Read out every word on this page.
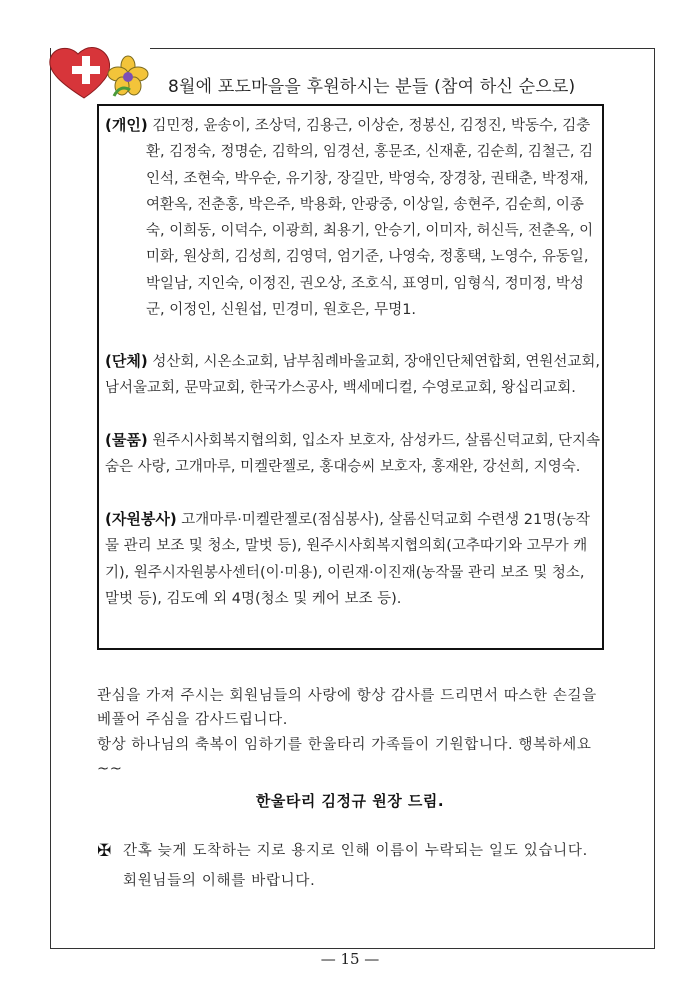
8월에 포도마을을 후원하시는 분들 (참여 하신 순으로)
(개인) 김민정, 윤송이, 조상덕, 김용근, 이상순, 정봉신, 김정진, 박동수, 김충환, 김정숙, 정명순, 김학의, 임경선, 홍문조, 신재훈, 김순희, 김철근, 김인석, 조현숙, 박우순, 유기창, 장길만, 박영숙, 장경창, 권태춘, 박정재, 여환옥, 전춘홍, 박은주, 박용화, 안광중, 이상일, 송현주, 김순희, 이종숙, 이희동, 이덕수, 이광희, 최용기, 안승기, 이미자, 허신득, 전춘옥, 이미화, 원상희, 김성희, 김영덕, 엄기준, 나영숙, 정홍택, 노영수, 유동일, 박일남, 지인숙, 이정진, 권오상, 조호식, 표영미, 임형식, 정미정, 박성군, 이정인, 신원섭, 민경미, 원호은, 무명1.
(단체) 성산회, 시온소교회, 남부침례바울교회, 장애인단체연합회, 연원선교회, 남서울교회, 문막교회, 한국가스공사, 백세메디컬, 수영로교회, 왕십리교회.
(물품) 원주시사회복지협의회, 입소자 보호자, 삼성카드, 살롬신덕교회, 단지속 숨은 사랑, 고개마루, 미켈란젤로, 홍대승씨 보호자, 홍재완, 강선희, 지영숙.
(자원봉사) 고개마루·미켈란젤로(점심봉사), 살롬신덕교회 수련생 21명(농작물 관리 보조 및 청소, 말벗 등), 원주시사회복지협의회(고추따기와 고무가 캐기), 원주시자원봉사센터(이·미용), 이린재·이진재(농작물 관리 보조 및 청소, 말벗 등), 김도예 외 4명(청소 및 케어 보조 등).
관심을 가져 주시는 회원님들의 사랑에 항상 감사를 드리면서 따스한 손길을 베풀어 주심을 감사드립니다.
항상 하나님의 축복이 임하기를 한울타리 가족들이 기원합니다. 행복하세요~~
한울타리 김정규 원장 드림.
✠ 간혹 늦게 도착하는 지로 용지로 인해 이름이 누락되는 일도 있습니다. 회원님들의 이해를 바랍니다.
— 15 —
